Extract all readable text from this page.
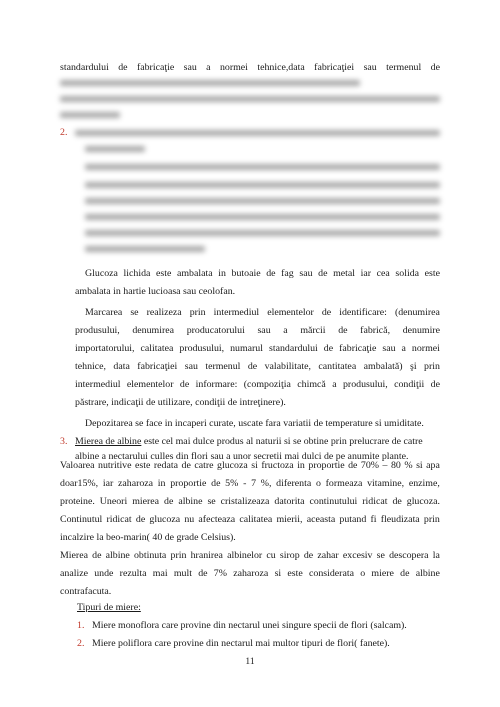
standardului de fabricaţie sau a normei tehnice,data fabricaţiei sau termenul de
2.
Glucoza lichida este ambalata in butoaie de fag sau de metal iar cea solida este
ambalata in hartie lucioasa sau ceolofan.
Marcarea se realizeza prin intermediul elementelor de identificare: (denumirea
produsului, denumirea producatorului sau a mărcii de fabrică, denumire
importatorului, calitatea produsului, numarul standardului de fabricaţie sau a normei
tehnice, data fabricaţiei sau termenul de valabilitate, cantitatea ambalată) şi prin
intermediul elementelor de informare: (compoziţia chimcă a produsului, condiţii de
păstrare, indicaţii de utilizare, condiţii de intreţinere).
Depozitarea se face in incaperi curate, uscate fara variatii de temperature si umiditate.
3. Mierea de albine este cel mai dulce produs al naturii si se obtine prin prelucrare de catre
albine a nectarului culles din flori sau a unor secretii mai dulci de pe anumite plante.
Valoarea nutritive este redata de catre glucoza si fructoza in proportie de 70% – 80 % si apa
doar15%, iar zaharoza in proportie de 5% - 7 %, diferenta o formeaza vitamine, enzime,
proteine. Uneori mierea de albine se cristalizeaza datorita continutului ridicat de glucoza.
Continutul ridicat de glucoza nu afecteaza calitatea mierii, aceasta putand fi fleudizata prin
incalzire la beo-marin( 40 de grade Celsius).
Mierea de albine obtinuta prin hranirea albinelor cu sirop de zahar excesiv se descopera la
analize unde rezulta mai mult de 7% zaharoza si este considerata o miere de albine
contrafacuta.
11
Tipuri de miere:
1. Miere monoflora care provine din nectarul unei singure specii de flori (salcam).
2. Miere poliflora care provine din nectarul mai multor tipuri de flori( fanete).
